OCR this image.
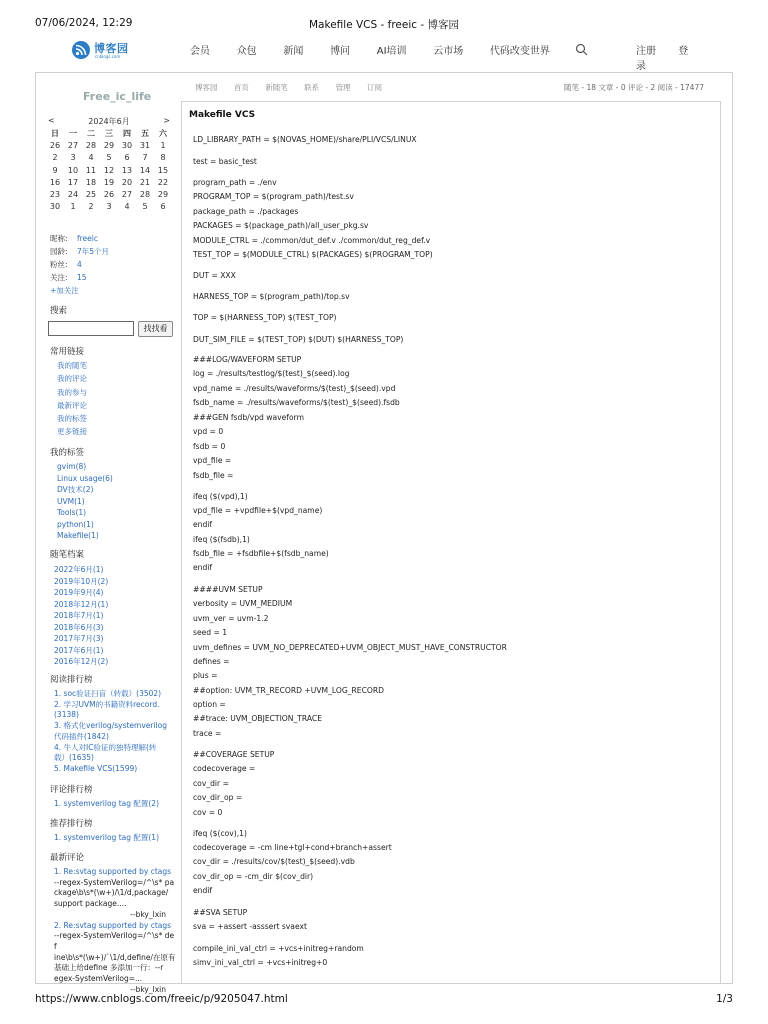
07/06/2024, 12:29	Makefile VCS - freeic - 博客园
博客园
cnblogs.com	会员	众包	新闻	博问	AI培训	云市场	代码改变世界	注册 登录
Free_ic_life
<	2024年6月	>
日	一	二	三	四	五	六
26 27 28 29 30 31	1
2	3	4	5	6	7	8
9	10 11 12 13 14 15
16 17 18 19 20 21 22
23 24 25 26 27 28 29
30	1	2	3	4	5	6
昵称: freeic
园龄: 7年5个月
粉丝: 4
关注: 15
+加关注
搜索
找找看
常用链接
我的随笔
我的评论
我的参与
最新评论
我的标签
更多链接
我的标签
gvim(8)
Linux usage(6)
DV技术(2)
UVM(1)
Tools(1)
python(1)
Makefile(1)
随笔档案
2022年6月(1)
2019年10月(2)
2019年9月(4)
2018年12月(1)
2018年7月(1)
2018年6月(3)
2017年7月(3)
2017年6月(1)
2016年12月(2)
阅读排行榜
1. soc验证扫盲（转载）(3502)
2. 学习UVM的书籍资料record.
(3138)
3. 格式化verilog/systemverilog
代码插件(1842)
4. 牛人对IC验证的独特理解(转
载）(1635)
5. Makefile VCS(1599)
评论排行榜
1. systemverilog tag 配置(2)
推荐排行榜
1. systemverilog tag 配置(1)
最新评论
1. Re:svtag supported by ctags
--regex-SystemVerilog=/^\s* pa
ckage\b\s*(\w+)/\1/d,package/
support package....
--bky_lxin
2. Re:svtag supported by ctags
--regex-SystemVerilog=/^\s* def
ine\b\s*(\w+)/`\1/d,define/在原有
基础上给define 多添加一行：--r
egex-SystemVerilog=...
--bky_lxin
博客园 首页 新随笔 联系 管理 订阅	随笔 - 18 文章 - 0 评论 - 2 阅读 - 17477
Makefile VCS
LD_LIBRARY_PATH = $(NOVAS_HOME)/share/PLI/VCS/LINUX
test = basic_test
program_path = ./env
PROGRAM_TOP = $(program_path)/test.sv
package_path = ./packages
PACKAGES = $(package_path)/all_user_pkg.sv
MODULE_CTRL = ./common/dut_def.v ./common/dut_reg_def.v
TEST_TOP = $(MODULE_CTRL) $(PACKAGES) $(PROGRAM_TOP)
DUT = XXX
HARNESS_TOP = $(program_path)/top.sv
TOP = $(HARNESS_TOP) $(TEST_TOP)
DUT_SIM_FILE = $(TEST_TOP) $(DUT) $(HARNESS_TOP)
###LOG/WAVEFORM SETUP
log = ./results/testlog/$(test)_$(seed).log
vpd_name = ./results/waveforms/$(test)_$(seed).vpd
fsdb_name = ./results/waveforms/$(test)_$(seed).fsdb
###GEN fsdb/vpd waveform
vpd = 0
fsdb = 0
vpd_file =
fsdb_file =
ifeq ($(vpd),1)
vpd_file = +vpdfile+$(vpd_name)
endif
ifeq ($(fsdb),1)
fsdb_file = +fsdbfile+$(fsdb_name)
endif
####UVM SETUP
verbosity = UVM_MEDIUM
uvm_ver = uvm-1.2
seed = 1
uvm_defines = UVM_NO_DEPRECATED+UVM_OBJECT_MUST_HAVE_CONSTRUCTOR
defines =
plus =
##option: UVM_TR_RECORD +UVM_LOG_RECORD
option =
##trace: UVM_OBJECTION_TRACE
trace =
##COVERAGE SETUP
codecoverage =
cov_dir =
cov_dir_op =
cov = 0
ifeq ($(cov),1)
codecoverage = -cm line+tgl+cond+branch+assert
cov_dir = ./results/cov/$(test)_$(seed).vdb
cov_dir_op = -cm_dir $(cov_dir)
endif
##SVA SETUP
sva = +assert -asssert svaext
compile_ini_val_ctrl = +vcs+initreg+random
simv_ini_val_ctrl = +vcs+initreg+0
https://www.cnblogs.com/freeic/p/9205047.html	1/3
